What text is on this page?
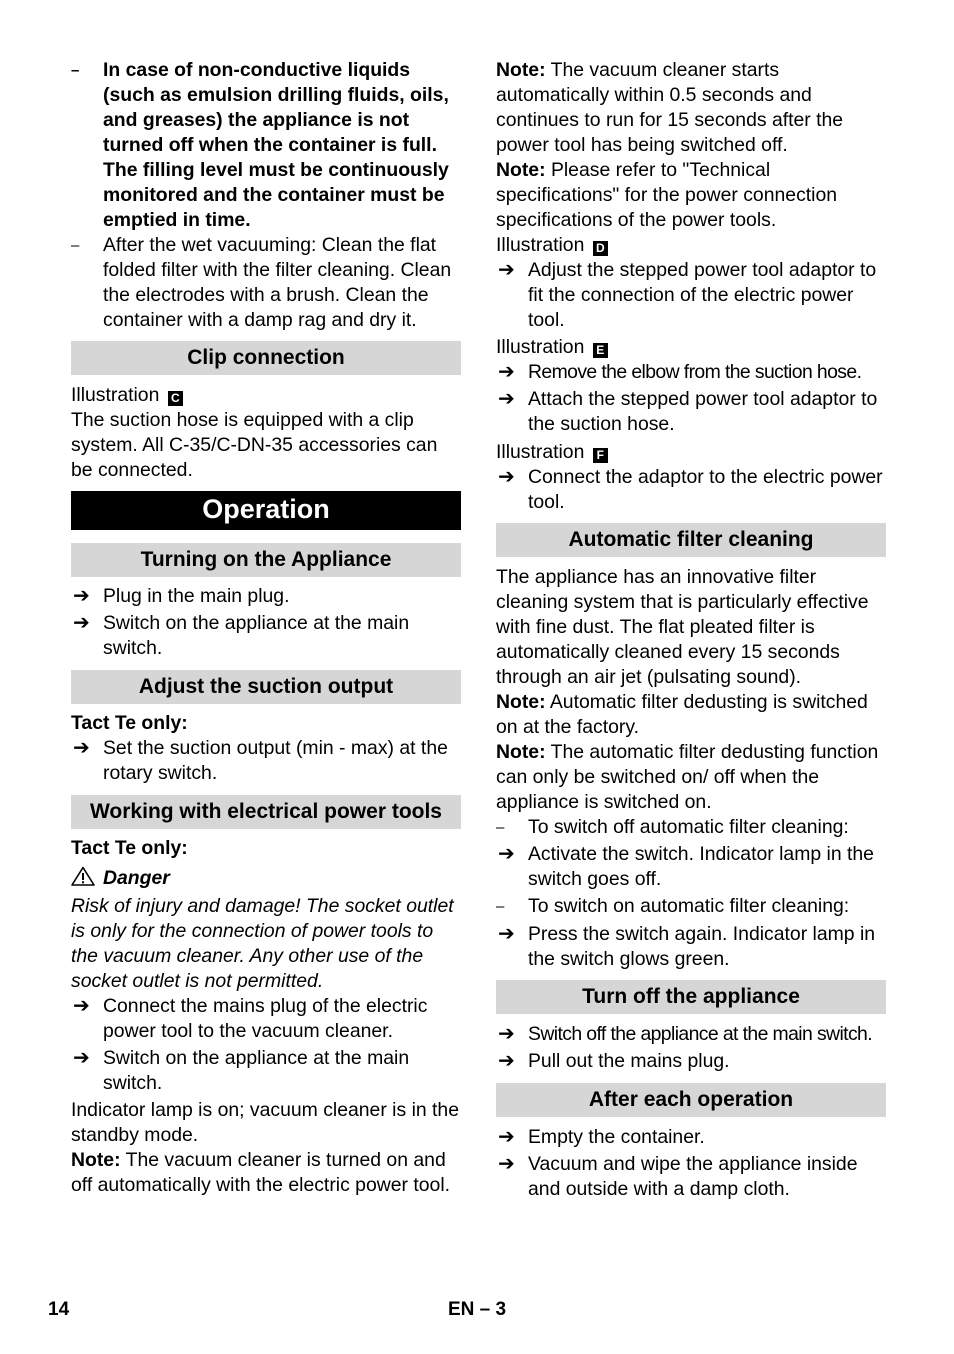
– In case of non-conductive liquids (such as emulsion drilling fluids, oils, and greases) the appliance is not turned off when the container is full. The filling level must be continuously monitored and the container must be emptied in time.
– After the wet vacuuming: Clean the flat folded filter with the filter cleaning. Clean the electrodes with a brush. Clean the container with a damp rag and dry it.
Clip connection

Illustration C

The suction hose is equipped with a clip system. All C-35/C-DN-35 accessories can be connected.

Operation
Turning on the Appliance
➔ Plug in the main plug.
➔ Switch on the appliance at the main switch.
Adjust the suction output

Tact Te only:

➔ Set the suction output (min - max) at the rotary switch.
Working with electrical power tools

Tact Te only:

Danger

Risk of injury and damage! The socket outlet is only for the connection of power tools to the vacuum cleaner. Any other use of the socket outlet is not permitted.

➔ Connect the mains plug of the electric power tool to the vacuum cleaner.
➔ Switch on the appliance at the main switch.

Indicator lamp is on; vacuum cleaner is in the standby mode.

Note: The vacuum cleaner is turned on and off automatically with the electric power tool.

Note: The vacuum cleaner starts automatically within 0.5 seconds and continues to run for 15 seconds after the power tool has being switched off.

Note: Please refer to "Technical specifications" for the power connection specifications of the power tools.

Illustration D

➔ Adjust the stepped power tool adaptor to fit the connection of the electric power tool.

Illustration E

➔ Remove the elbow from the suction hose.
➔ Attach the stepped power tool adaptor to the suction hose.

Illustration F

➔ Connect the adaptor to the electric power tool.
Automatic filter cleaning

The appliance has an innovative filter cleaning system that is particularly effective with fine dust. The flat pleated filter is automatically cleaned every 15 seconds through an air jet (pulsating sound).

Note: Automatic filter dedusting is switched on at the factory.

Note: The automatic filter dedusting function can only be switched on/ off when the appliance is switched on.

– To switch off automatic filter cleaning:
➔ Activate the switch. Indicator lamp in the switch goes off.
– To switch on automatic filter cleaning:
➔ Press the switch again. Indicator lamp in the switch glows green.
Turn off the appliance
➔ Switch off the appliance at the main switch.
➔ Pull out the mains plug.
After each operation
➔ Empty the container.
➔ Vacuum and wipe the appliance inside and outside with a damp cloth.
14	EN – 3
